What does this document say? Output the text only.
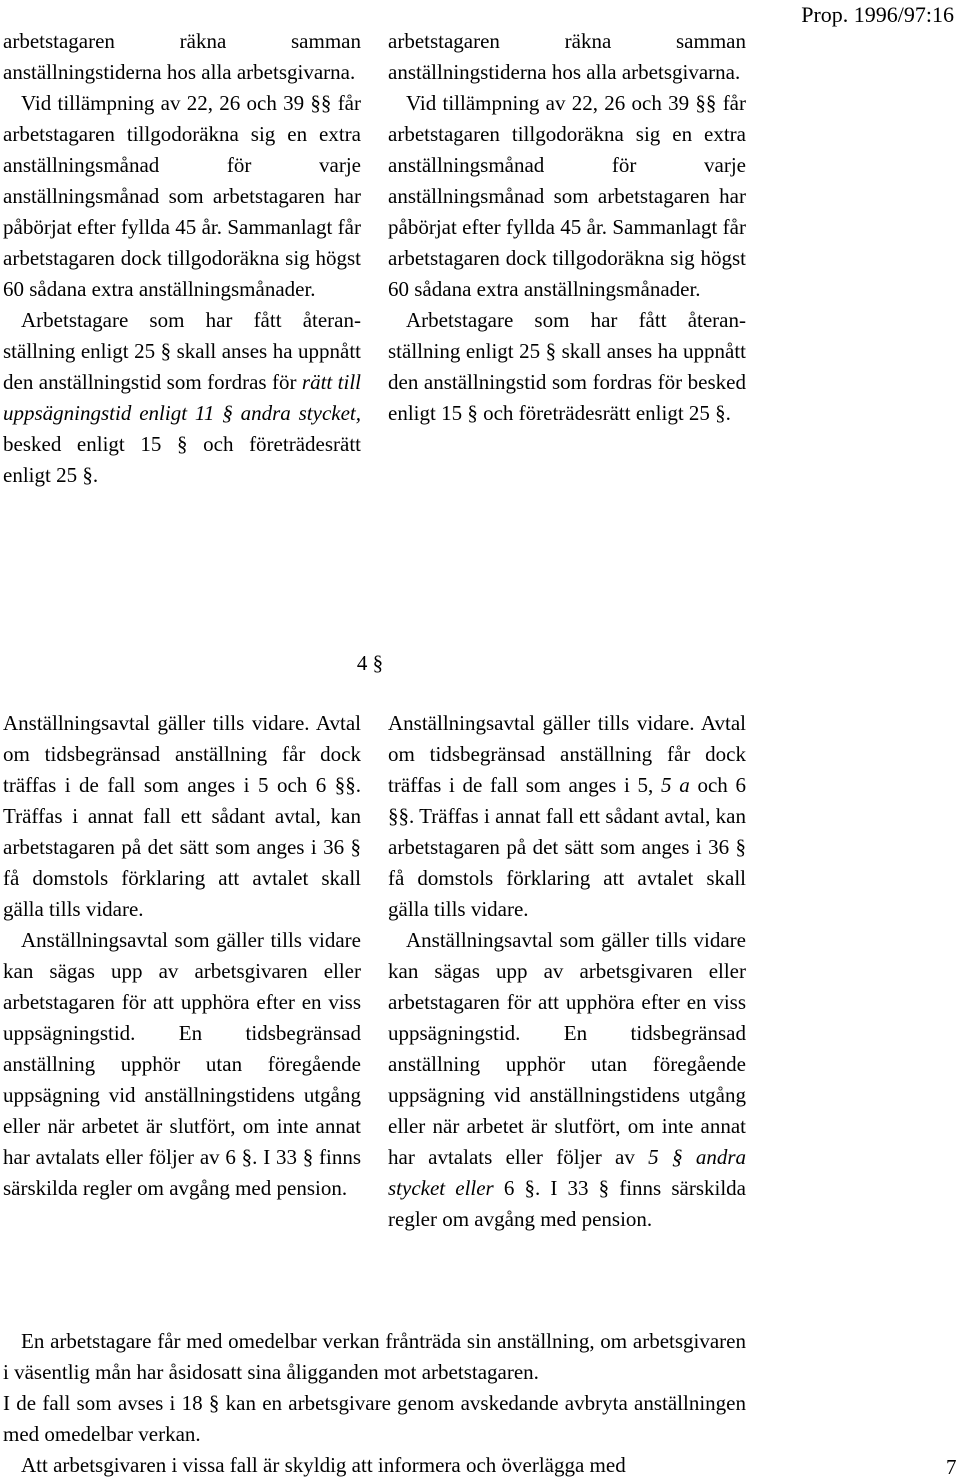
Prop. 1996/97:16

arbetstagaren räkna samman anställningstiderna hos alla arbetsgivarna.

Vid tillämpning av 22, 26 och 39 §§ får arbetstagaren tillgodoräkna sig en extra anställningsmånad för varje anställningsmånad som arbetstagaren har påbörjat efter fyllda 45 år. Sammanlagt får arbetstagaren dock tillgodoräkna sig högst 60 sådana extra anställningsmånader.

Arbetstagare som har fått återanställning enligt 25 § skall anses ha uppnått den anställningstid som fordras för rätt till uppsägningstid enligt 11 § andra stycket, besked enligt 15 § och företrädesrätt enligt 25 §.

arbetstagaren räkna samman anställningstiderna hos alla arbetsgivarna.

Vid tillämpning av 22, 26 och 39 §§ får arbetstagaren tillgodoräkna sig en extra anställningsmånad för varje anställningsmånad som arbetstagaren har påbörjat efter fyllda 45 år. Sammanlagt får arbetstagaren dock tillgodoräkna sig högst 60 sådana extra anställningsmånader.

Arbetstagare som har fått återanställning enligt 25 § skall anses ha uppnått den anställningstid som fordras för besked enligt 15 § och företrädesrätt enligt 25 §.

4 §

Anställningsavtal gäller tills vidare. Avtal om tidsbegränsad anställning får dock träffas i de fall som anges i 5 och 6 §§. Träffas i annat fall ett sådant avtal, kan arbetstagaren på det sätt som anges i 36 § få domstols förklaring att avtalet skall gälla tills vidare.

Anställningsavtal som gäller tills vidare kan sägas upp av arbetsgivaren eller arbetstagaren för att upphöra efter en viss uppsägningstid. En tidsbegränsad anställning upphör utan föregående uppsägning vid anställningstidens utgång eller när arbetet är slutfört, om inte annat har avtalats eller följer av 6 §. I 33 § finns särskilda regler om avgång med pension.

Anställningsavtal gäller tills vidare. Avtal om tidsbegränsad anställning får dock träffas i de fall som anges i 5, 5 a och 6 §§. Träffas i annat fall ett sådant avtal, kan arbetstagaren på det sätt som anges i 36 § få domstols förklaring att avtalet skall gälla tills vidare.

Anställningsavtal som gäller tills vidare kan sägas upp av arbetsgivaren eller arbetstagaren för att upphöra efter en viss uppsägningstid. En tidsbegränsad anställning upphör utan föregående uppsägning vid anställningstidens utgång eller när arbetet är slutfört, om inte annat har avtalats eller följer av 5 § andra stycket eller 6 §. I 33 § finns särskilda regler om avgång med pension.

En arbetstagare får med omedelbar verkan frånträda sin anställning, om arbetsgivaren i väsentlig mån har åsidosatt sina åligganden mot arbetstagaren.

I de fall som avses i 18 § kan en arbetsgivare genom avskedande avbryta anställningen med omedelbar verkan.

Att arbetsgivaren i vissa fall är skyldig att informera och överlägga med	7
